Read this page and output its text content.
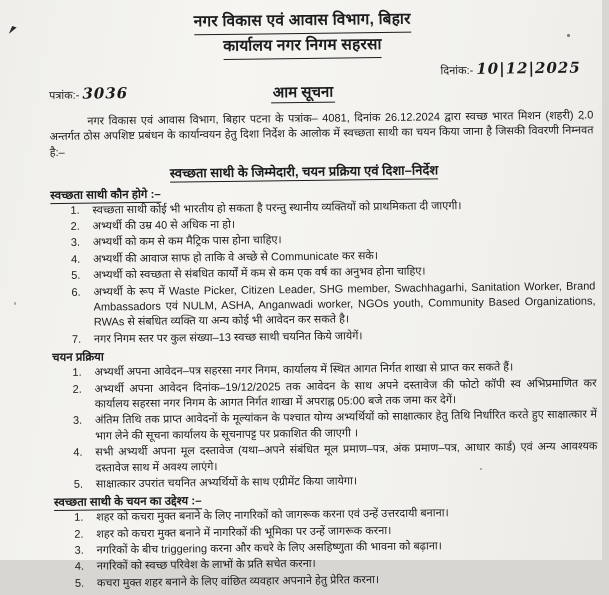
नगर विकास एवं आवास विभाग, बिहार
कार्यालय नगर निगम सहरसा
दिनांक:- 10|12|2025
पत्रांक:- 3036	आम सूचना

नगर विकास एवं आवास विभाग, बिहार पटना के पत्रांक– 4081, दिनांक 26.12.2024 द्वारा स्वच्छ भारत मिशन (शहरी) 2.0 अन्तर्गत ठोस अपशिष्ट प्रबंधन के कार्यान्वयन हेतु दिशा निर्देश के आलोक में स्वच्छता साथी का चयन किया जाना है जिसकी विवरणी निम्नवत है:–

स्वच्छता साथी के जिम्मेदारी, चयन प्रक्रिया एवं दिशा–निर्देश
स्वच्छता साथी कौन होगे :–
1.	स्वच्छता साथी कोई भी भारतीय हो सकता है परन्तु स्थानीय व्यक्तियों को प्राथमिकता दी जाएगी।
2.	अभ्यर्थी की उम्र 40 से अधिक ना हो।
3.	अभ्यर्थी को कम से कम मैट्रिक पास होना चाहिए।
4.	अभ्यर्थी की आवाज साफ हो ताकि वे अच्छे से Communicate कर सके।
5.	अभ्यर्थी को स्वच्छता से संबधित कार्यों में कम से कम एक वर्ष का अनुभव होना चाहिए।
6.	अभ्यर्थी के रूप में Waste Picker, Citizen Leader, SHG member, Swachhagarhi, Sanitation Worker, Brand Ambassadors एवं NULM, ASHA, Anganwadi worker, NGOs youth, Community Based Organizations, RWAs से संबधित व्यक्ति या अन्य कोई भी आवेदन कर सकते है।
7.	नगर निगम स्तर पर कुल संख्या–13 स्वच्छ साथी चयनित किये जायेगें।
चयन प्रक्रिया
1.	अभ्यर्थी अपना आवेदन–पत्र सहरसा नगर निगम, कार्यालय में स्थित आगत निर्गत शाखा से प्राप्त कर सकते हैं।
2.	अभ्यर्थी अपना आवेदन दिनांक–19/12/2025 तक आवेदन के साथ अपने दस्तावेज की फोटो कॉपी स्व अभिप्रमाणित कर कार्यालय सहरसा नगर निगम के आगत निर्गत शाखा में अपराह्न 05:00 बजे तक जमा कर देगें।
3.	अंतिम तिथि तक प्राप्त आवेदनों के मूल्यांकन के पश्चात योग्य अभ्यर्थियों को साक्षात्कार हेतु तिथि निर्धारित करते हुए साक्षात्कार में भाग लेने की सूचना कार्यालय के सूचनापट्ट पर प्रकाशित की जाएगी ।
4.	सभी अभ्यर्थी अपना मूल दस्तावेज (यथा–अपने संबंधित मूल प्रमाण–पत्र, अंक प्रमाण–पत्र, आधार कार्ड) एवं अन्य आवश्यक दस्तावेज साथ में अवश्य लाएंगे।
5.	साक्षात्कार उपरांत चयनित अभ्यर्थियों के साथ एग्रीमेंट किया जायेगा।
स्वच्छता साथी के चयन का उद्देश्य :–
1.	शहर को कचरा मुक्त बनाने के लिए नागरिकों को जागरूक करना एवं उन्हें उत्तरदायी बनाना।
2.	शहर को कचरा मुक्त बनाने में नागरिकों की भूमिका पर उन्हें जागरूक करना।
3.	नगरिकों के बीच triggering करना और कचरे के लिए असहिष्णुता की भावना को बढ़ाना।
4.	नगरिकों को स्वच्छ परिवेश के लाभों के प्रति सचेत करना।
5.	कचरा मुक्त शहर बनाने के लिए वांछित व्यवहार अपनाने हेतु प्रेरित करना।
